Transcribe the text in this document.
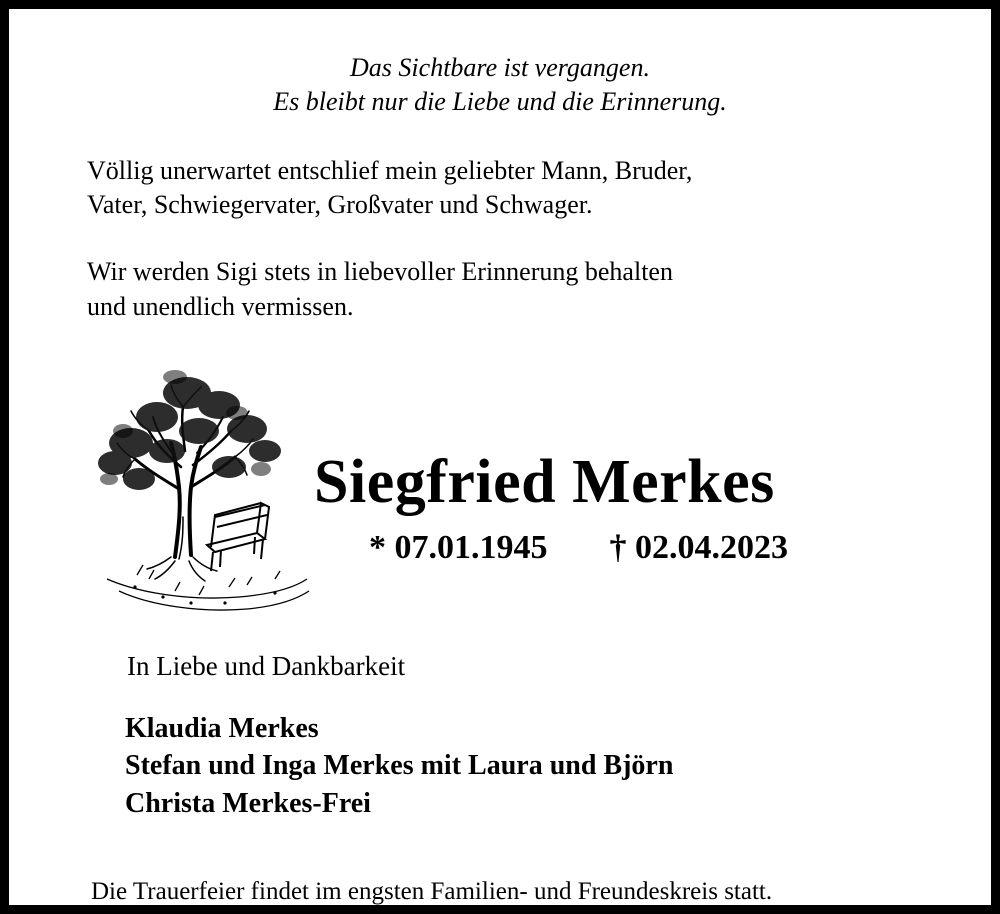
Das Sichtbare ist vergangen.
Es bleibt nur die Liebe und die Erinnerung.

Völlig unerwartet entschlief mein geliebter Mann, Bruder,
Vater, Schwiegervater, Großvater und Schwager.

Wir werden Sigi stets in liebevoller Erinnerung behalten
und unendlich vermissen.

Siegfried Merkes
* 07.01.1945 † 02.04.2023
In Liebe und Dankbarkeit
Klaudia Merkes
Stefan und Inga Merkes mit Laura und Björn
Christa Merkes-Frei
Die Trauerfeier findet im engsten Familien- und Freundeskreis statt.
